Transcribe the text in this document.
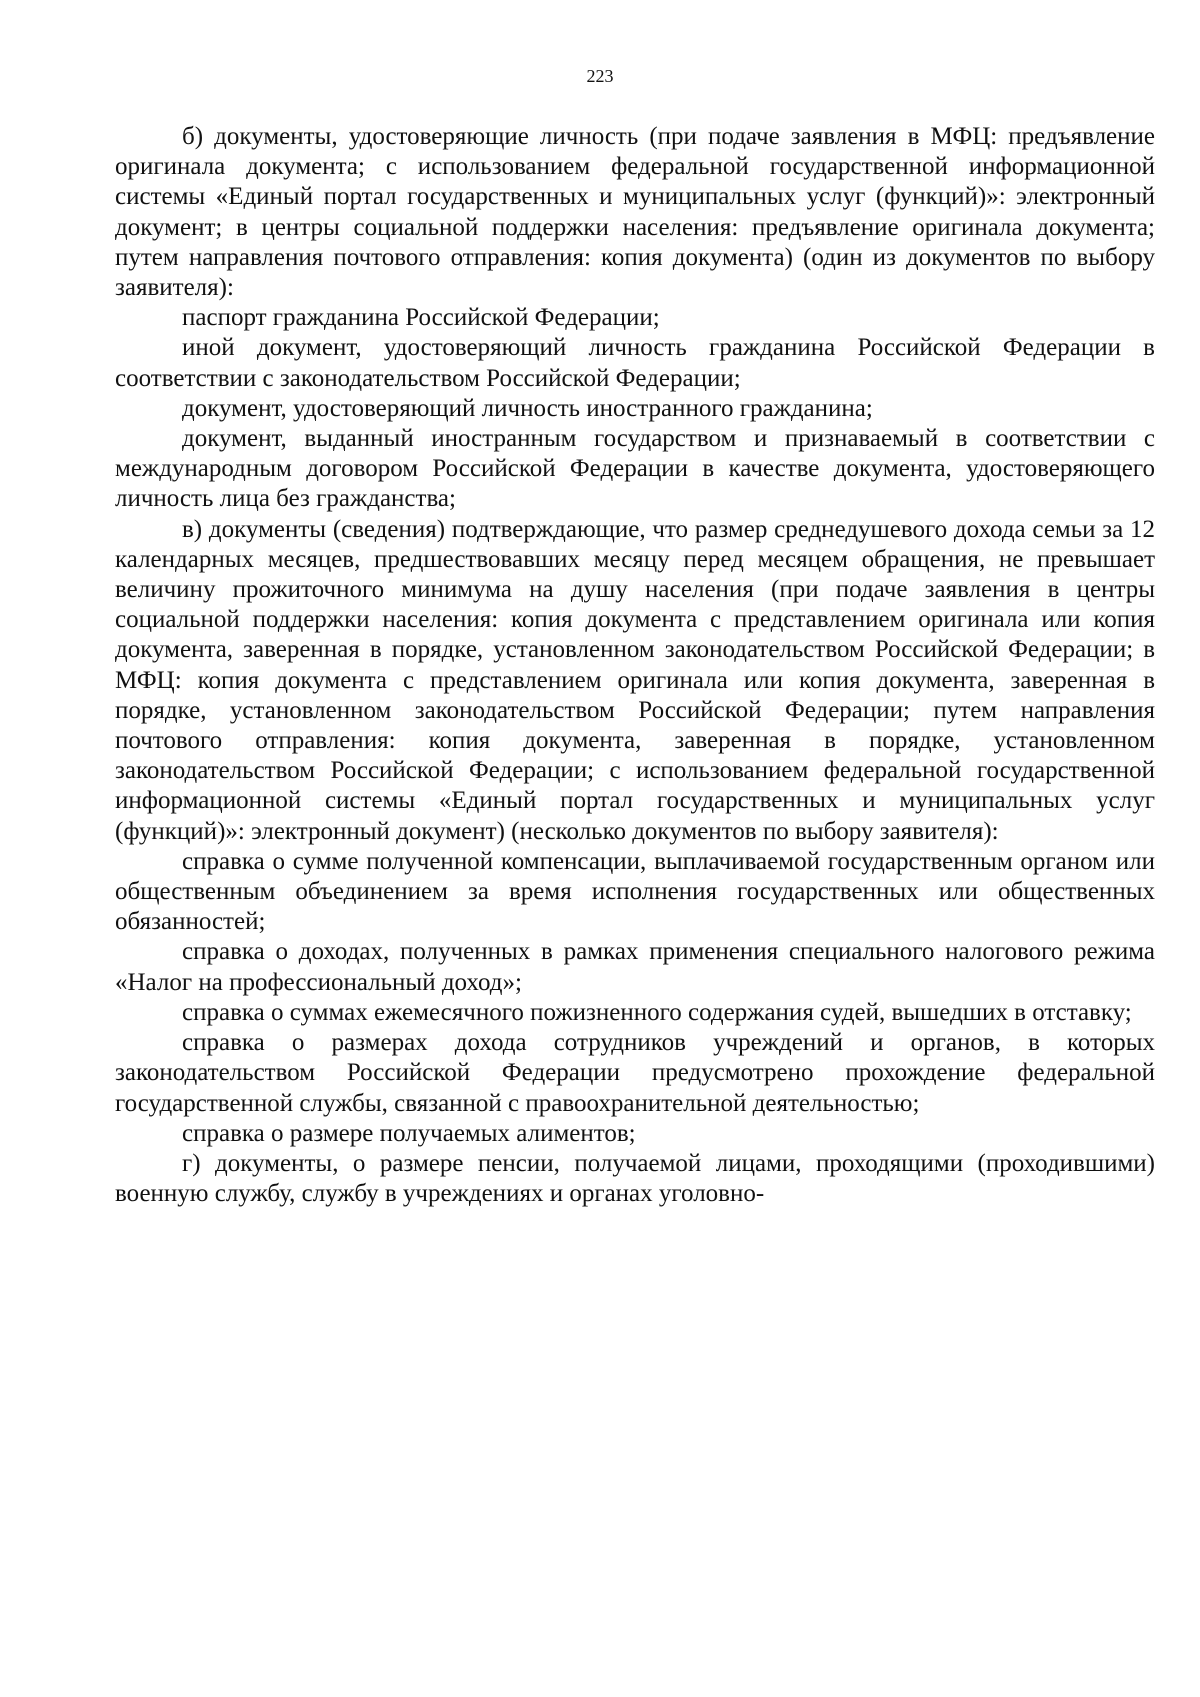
223

б) документы, удостоверяющие личность (при подаче заявления в МФЦ: предъявление оригинала документа; с использованием федеральной государственной информационной системы «Единый портал государственных и муниципальных услуг (функций)»: электронный документ; в центры социальной поддержки населения: предъявление оригинала документа; путем направления почтового отправления: копия документа) (один из документов по выбору заявителя):

паспорт гражданина Российской Федерации;

иной документ, удостоверяющий личность гражданина Российской Федерации в соответствии с законодательством Российской Федерации;

документ, удостоверяющий личность иностранного гражданина;

документ, выданный иностранным государством и признаваемый в соответствии с международным договором Российской Федерации в качестве документа, удостоверяющего личность лица без гражданства;

в) документы (сведения) подтверждающие, что размер среднедушевого дохода семьи за 12 календарных месяцев, предшествовавших месяцу перед месяцем обращения, не превышает величину прожиточного минимума на душу населения (при подаче заявления в центры социальной поддержки населения: копия документа с представлением оригинала или копия документа, заверенная в порядке, установленном законодательством Российской Федерации; в МФЦ: копия документа с представлением оригинала или копия документа, заверенная в порядке, установленном законодательством Российской Федерации; путем направления почтового отправления: копия документа, заверенная в порядке, установленном законодательством Российской Федерации; с использованием федеральной государственной информационной системы «Единый портал государственных и муниципальных услуг (функций)»: электронный документ) (несколько документов по выбору заявителя):

справка о сумме полученной компенсации, выплачиваемой государственным органом или общественным объединением за время исполнения государственных или общественных обязанностей;

справка о доходах, полученных в рамках применения специального налогового режима «Налог на профессиональный доход»;

справка о суммах ежемесячного пожизненного содержания судей, вышедших в отставку;

справка о размерах дохода сотрудников учреждений и органов, в которых законодательством Российской Федерации предусмотрено прохождение федеральной государственной службы, связанной с правоохранительной деятельностью;

справка о размере получаемых алиментов;

г) документы, о размере пенсии, получаемой лицами, проходящими (проходившими) военную службу, службу в учреждениях и органах уголовно-
